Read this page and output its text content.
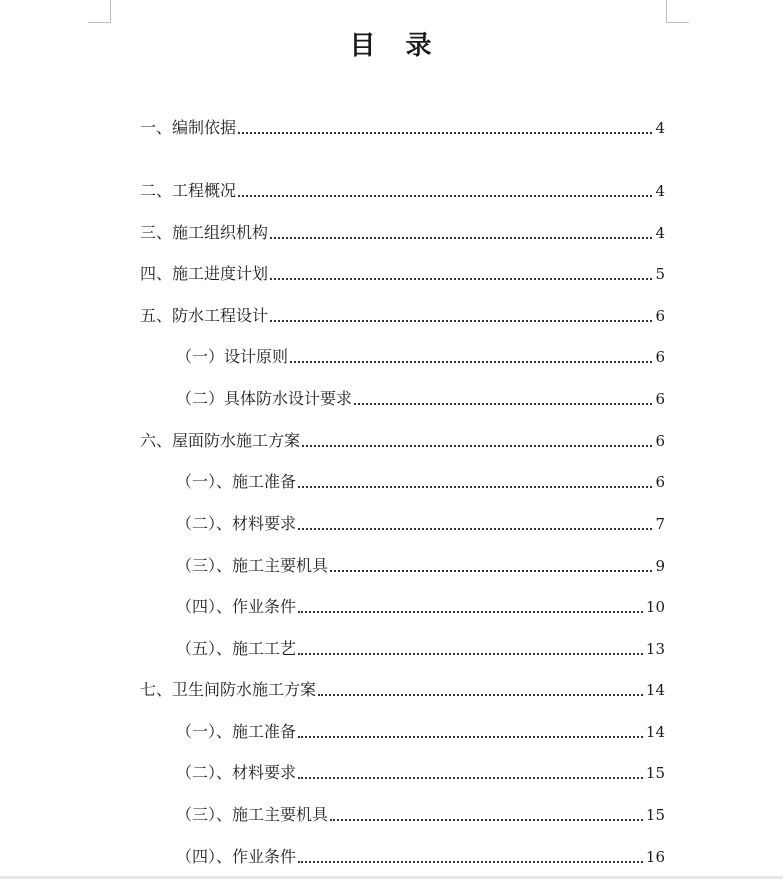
目　录
一、编制依据	4
二、工程概况	4
三、施工组织机构	4
四、施工进度计划	5
五、防水工程设计	6
（一）设计原则	6
（二）具体防水设计要求	6
六、屋面防水施工方案	6
（一）、施工准备	6
（二）、材料要求	7
（三）、施工主要机具	9
（四）、作业条件	10
（五）、施工工艺	13
七、卫生间防水施工方案	14
（一）、施工准备	14
（二）、材料要求	15
（三）、施工主要机具	15
（四）、作业条件	16
